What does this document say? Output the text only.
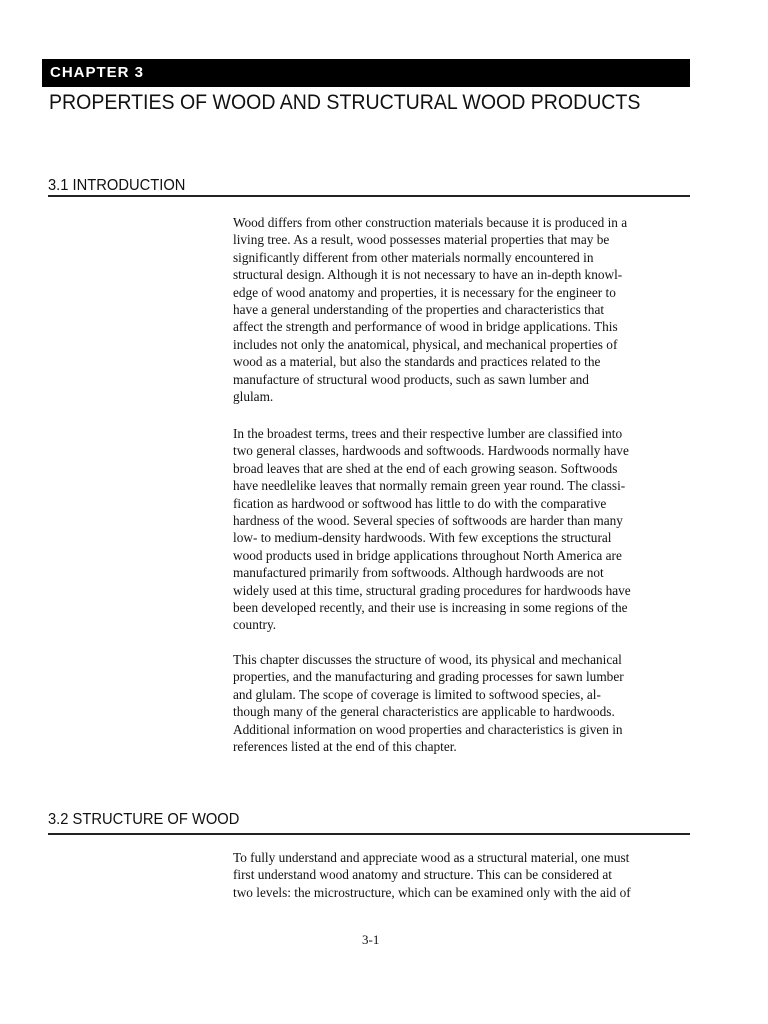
CHAPTER 3
PROPERTIES OF WOOD AND STRUCTURAL WOOD PRODUCTS
3.1 INTRODUCTION

Wood differs from other construction materials because it is produced in a
living tree. As a result, wood possesses material properties that may be
significantly different from other materials normally encountered in
structural design. Although it is not necessary to have an in-depth knowl-
edge of wood anatomy and properties, it is necessary for the engineer to
have a general understanding of the properties and characteristics that
affect the strength and performance of wood in bridge applications. This
includes not only the anatomical, physical, and mechanical properties of
wood as a material, but also the standards and practices related to the
manufacture of structural wood products, such as sawn lumber and
glulam.

In the broadest terms, trees and their respective lumber are classified into
two general classes, hardwoods and softwoods. Hardwoods normally have
broad leaves that are shed at the end of each growing season. Softwoods
have needlelike leaves that normally remain green year round. The classi-
fication as hardwood or softwood has little to do with the comparative
hardness of the wood. Several species of softwoods are harder than many
low- to medium-density hardwoods. With few exceptions the structural
wood products used in bridge applications throughout North America are
manufactured primarily from softwoods. Although hardwoods are not
widely used at this time, structural grading procedures for hardwoods have
been developed recently, and their use is increasing in some regions of the
country.

This chapter discusses the structure of wood, its physical and mechanical
properties, and the manufacturing and grading processes for sawn lumber
and glulam. The scope of coverage is limited to softwood species, al-
though many of the general characteristics are applicable to hardwoods.
Additional information on wood properties and characteristics is given in
references listed at the end of this chapter.

3.2 STRUCTURE OF WOOD

To fully understand and appreciate wood as a structural material, one must
first understand wood anatomy and structure. This can be considered at
two levels: the microstructure, which can be examined only with the aid of

3-1
